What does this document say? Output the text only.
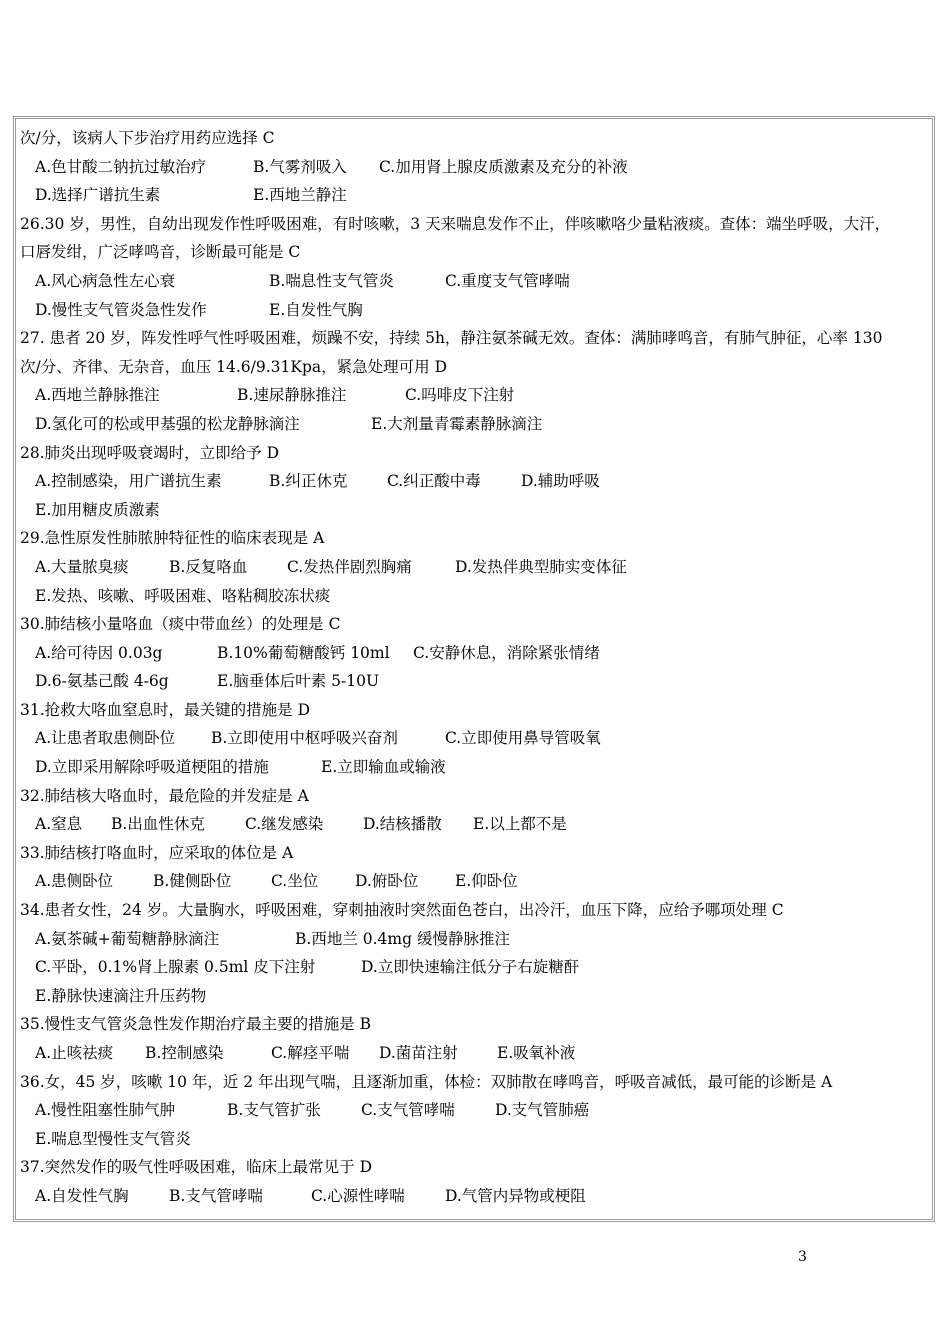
次/分，该病人下步治疗用药应选择 C
A.色甘酸二钠抗过敏治疗	B.气雾剂吸入 C.加用肾上腺皮质激素及充分的补液
D.选择广谱抗生素	E.西地兰静注
26.30 岁，男性，自幼出现发作性呼吸困难，有时咳嗽，3 天来喘息发作不止，伴咳嗽咯少量粘液痰。查体：端坐呼吸，大汗，
口唇发绀，广泛哮鸣音，诊断最可能是 C
A.风心病急性左心衰	B.喘息性支气管炎	C.重度支气管哮喘
D.慢性支气管炎急性发作	E.自发性气胸
27. 患者 20 岁，阵发性呼气性呼吸困难，烦躁不安，持续 5h，静注氨茶碱无效。查体：满肺哮鸣音，有肺气肿征，心率 130
次/分、齐律、无杂音，血压 14.6/9.31Kpa，紧急处理可用 D
A.西地兰静脉推注	B.速尿静脉推注	C.吗啡皮下注射
D.氢化可的松或甲基强的松龙静脉滴注	E.大剂量青霉素静脉滴注
28.肺炎出现呼吸衰竭时，立即给予 D
A.控制感染，用广谱抗生素	B.纠正休克	C.纠正酸中毒	D.辅助呼吸
E.加用糖皮质激素
29.急性原发性肺脓肿特征性的临床表现是 A
A.大量脓臭痰	B.反复咯血	C.发热伴剧烈胸痛	D.发热伴典型肺实变体征
E.发热、咳嗽、呼吸困难、咯粘稠胶冻状痰
30.肺结核小量咯血（痰中带血丝）的处理是 C
A.给可待因 0.03g	B.10%葡萄糖酸钙 10ml C.安静休息，消除紧张情绪
D.6-氨基己酸 4-6g	E.脑垂体后叶素 5-10U
31.抢救大咯血窒息时，最关键的措施是 D
A.让患者取患侧卧位 B.立即使用中枢呼吸兴奋剂	C.立即使用鼻导管吸氧
D.立即采用解除呼吸道梗阻的措施	E.立即输血或输液
32.肺结核大咯血时，最危险的并发症是 A
A.窒息 B.出血性休克	C.继发感染	D.结核播散 E.以上都不是
33.肺结核打咯血时，应采取的体位是 A
A.患侧卧位	B.健侧卧位	C.坐位 D.俯卧位 E.仰卧位
34.患者女性，24 岁。大量胸水，呼吸困难，穿刺抽液时突然面色苍白，出冷汗，血压下降，应给予哪项处理 C
A.氨茶碱+葡萄糖静脉滴注	B.西地兰 0.4mg 缓慢静脉推注
C.平卧，0.1%肾上腺素 0.5ml 皮下注射	D.立即快速输注低分子右旋糖酐
E.静脉快速滴注升压药物
35.慢性支气管炎急性发作期治疗最主要的措施是 B
A.止咳祛痰 B.控制感染	C.解痉平喘 D.菌苗注射	E.吸氧补液
36.女，45 岁，咳嗽 10 年，近 2 年出现气喘，且逐渐加重，体检：双肺散在哮鸣音，呼吸音减低，最可能的诊断是 A
A.慢性阻塞性肺气肿	B.支气管扩张	C.支气管哮喘	D.支气管肺癌
E.喘息型慢性支气管炎
37.突然发作的吸气性呼吸困难，临床上最常见于 D
A.自发性气胸	B.支气管哮喘	C.心源性哮喘	D.气管内异物或梗阻
3
